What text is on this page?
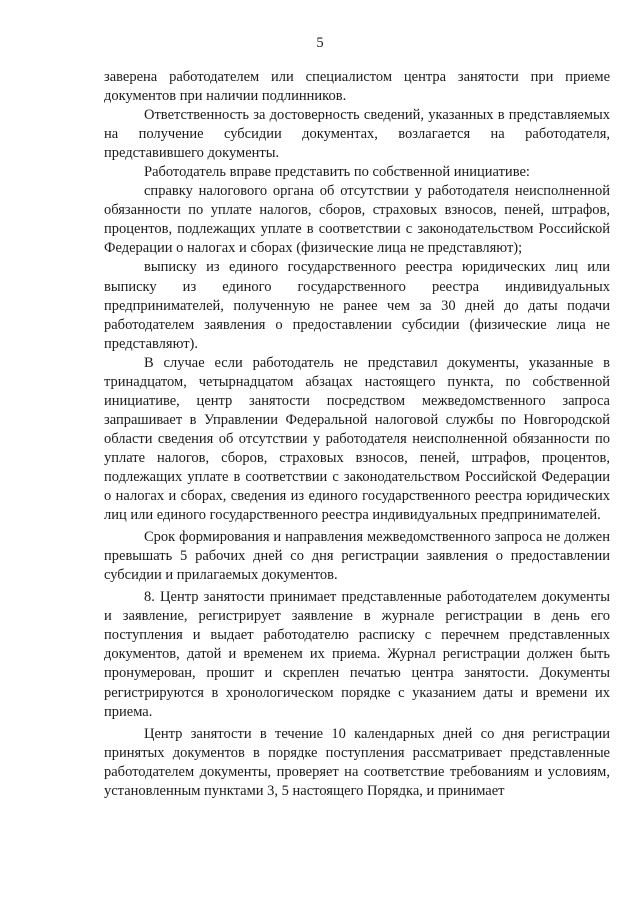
5

заверена работодателем или специалистом центра занятости при приеме документов при наличии подлинников.

Ответственность за достоверность сведений, указанных в представляемых на получение субсидии документах, возлагается на работодателя, представившего документы.

Работодатель вправе представить по собственной инициативе:

справку налогового органа об отсутствии у работодателя неисполненной обязанности по уплате налогов, сборов, страховых взносов, пеней, штрафов, процентов, подлежащих уплате в соответствии с законодательством Российской Федерации о налогах и сборах (физические лица не представляют);

выписку из единого государственного реестра юридических лиц или выписку из единого государственного реестра индивидуальных предпринимателей, полученную не ранее чем за 30 дней до даты подачи работодателем заявления о предоставлении субсидии (физические лица не представляют).

В случае если работодатель не представил документы, указанные в тринадцатом, четырнадцатом абзацах настоящего пункта, по собственной инициативе, центр занятости посредством межведомственного запроса запрашивает в Управлении Федеральной налоговой службы по Новгородской области сведения об отсутствии у работодателя неисполненной обязанности по уплате налогов, сборов, страховых взносов, пеней, штрафов, процентов, подлежащих уплате в соответствии с законодательством Российской Федерации о налогах и сборах, сведения из единого государственного реестра юридических лиц или единого государственного реестра индивидуальных предпринимателей.

Срок формирования и направления межведомственного запроса не должен превышать 5 рабочих дней со дня регистрации заявления о предоставлении субсидии и прилагаемых документов.

8. Центр занятости принимает представленные работодателем документы и заявление, регистрирует заявление в журнале регистрации в день его поступления и выдает работодателю расписку с перечнем представленных документов, датой и временем их приема. Журнал регистрации должен быть пронумерован, прошит и скреплен печатью центра занятости. Документы регистрируются в хронологическом порядке с указанием даты и времени их приема.

Центр занятости в течение 10 календарных дней со дня регистрации принятых документов в порядке поступления рассматривает представленные работодателем документы, проверяет на соответствие требованиям и условиям, установленным пунктами 3, 5 настоящего Порядка, и принимает
